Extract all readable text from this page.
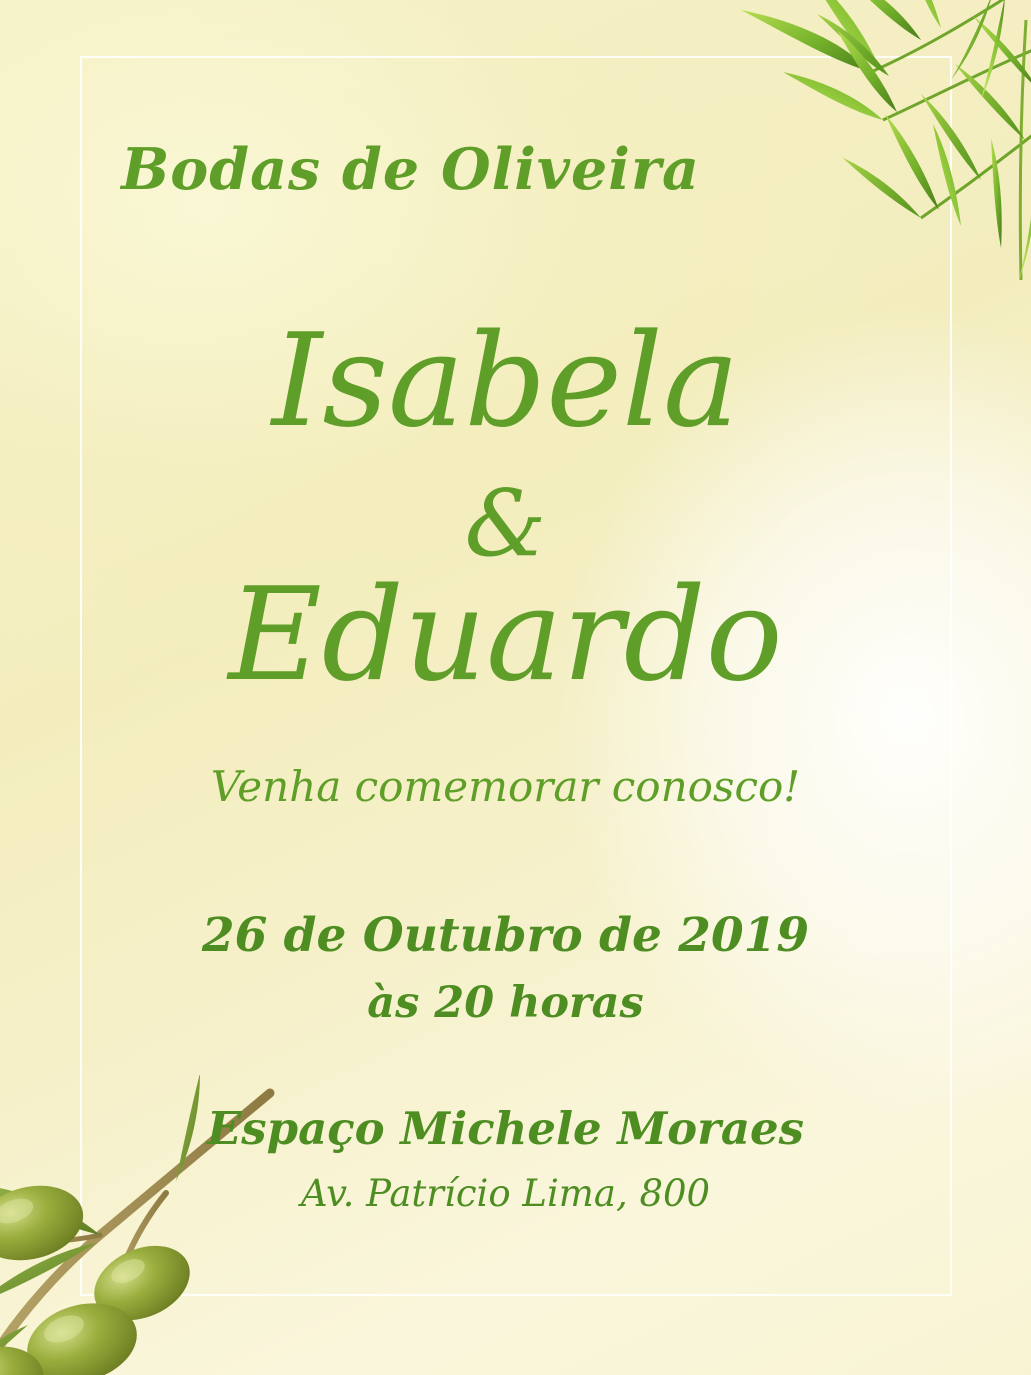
Bodas de Oliveira
Isabela
&
Eduardo
Venha comemorar conosco!
26 de Outubro de 2019
às 20 horas
Espaço Michele Moraes
Av. Patrício Lima, 800
